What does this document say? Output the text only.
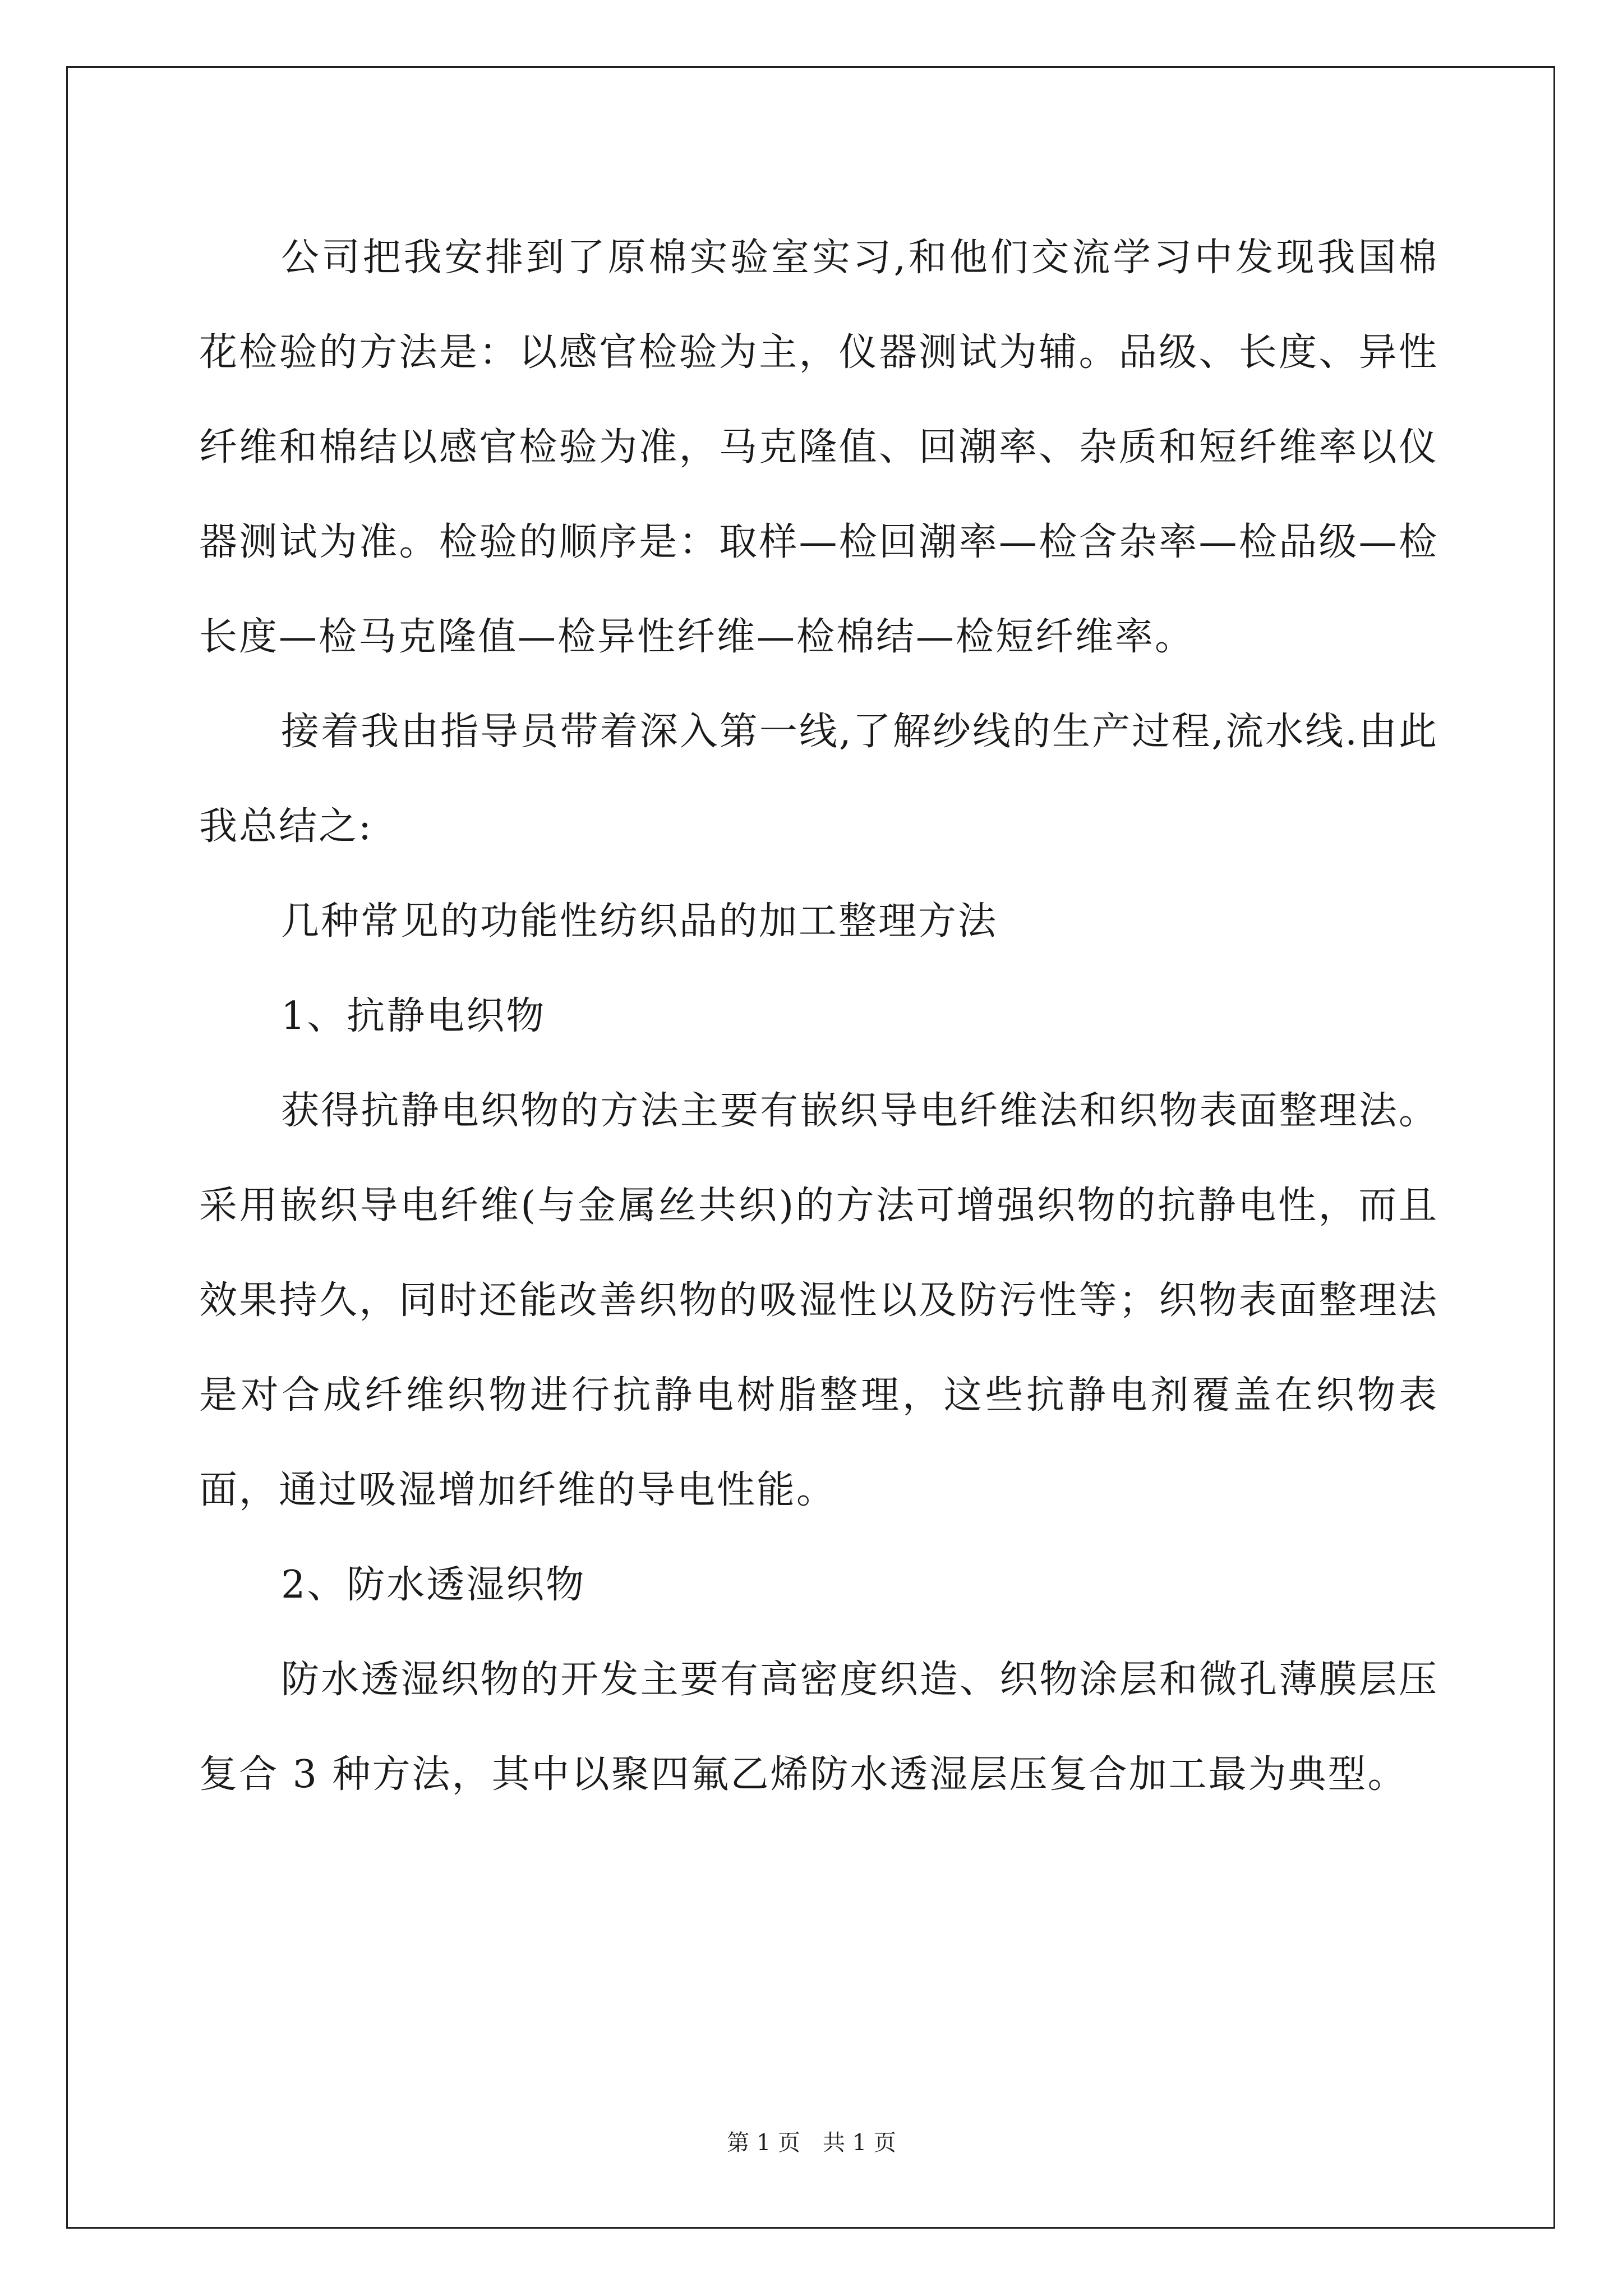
公司把我安排到了原棉实验室实习,和他们交流学习中发现我国棉花检验的方法是：以感官检验为主，仪器测试为辅。品级、长度、异性纤维和棉结以感官检验为准，马克隆值、回潮率、杂质和短纤维率以仪器测试为准。检验的顺序是：取样—检回潮率—检含杂率—检品级—检长度—检马克隆值—检异性纤维—检棉结—检短纤维率。

接着我由指导员带着深入第一线,了解纱线的生产过程,流水线.由此我总结之:

几种常见的功能性纺织品的加工整理方法

1、抗静电织物

获得抗静电织物的方法主要有嵌织导电纤维法和织物表面整理法。采用嵌织导电纤维(与金属丝共织)的方法可增强织物的抗静电性，而且效果持久，同时还能改善织物的吸湿性以及防污性等；织物表面整理法是对合成纤维织物进行抗静电树脂整理，这些抗静电剂覆盖在织物表面，通过吸湿增加纤维的导电性能。

2、防水透湿织物

防水透湿织物的开发主要有高密度织造、织物涂层和微孔薄膜层压复合 3 种方法，其中以聚四氟乙烯防水透湿层压复合加工最为典型。

第 1 页　共 1 页
